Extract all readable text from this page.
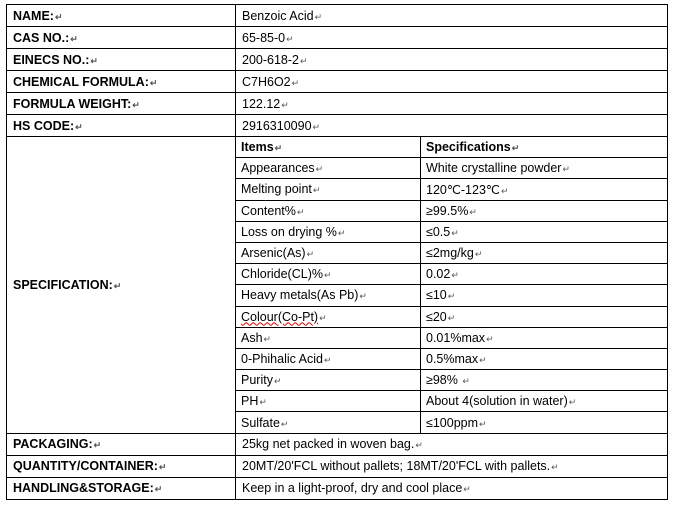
NAME:↵	Benzoic Acid↵
CAS NO.:↵	65-85-0↵
EINECS NO.:↵	200-618-2↵
CHEMICAL FORMULA:↵	C7H6O2↵
FORMULA WEIGHT:↵	122.12↵
HS CODE:↵	2916310090↵
SPECIFICATION:↵	
Items↵	Specifications↵
Appearances↵	White crystalline powder↵
Melting point↵	120℃-123℃↵
Content%↵	≥99.5%↵
Loss on drying %↵	≤0.5↵
Arsenic(As)↵	≤2mg/kg↵
Chloride(CL)%↵	0.02↵
Heavy metals(As Pb)↵	≤10↵
Colour(Co-Pt)↵	≤20↵
Ash↵	0.01%max↵
0-Phihalic Acid↵	0.5%max↵
Purity↵	≥98% ↵
PH↵	About 4(solution in water)↵
Sulfate↵	≤100ppm↵

PACKAGING:↵	25kg net packed in woven bag.↵
QUANTITY/CONTAINER:↵	20MT/20'FCL without pallets; 18MT/20'FCL with pallets.↵
HANDLING&STORAGE:↵	Keep in a light-proof, dry and cool place↵
